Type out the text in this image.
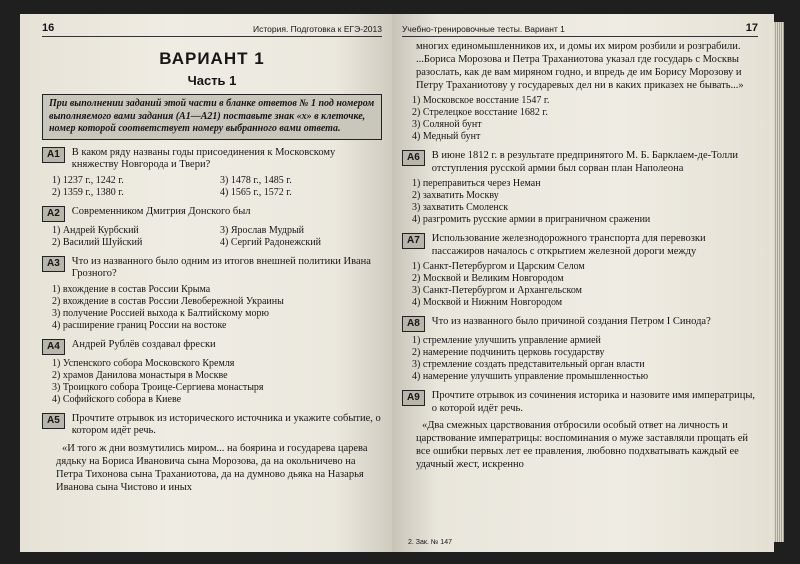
16	История. Подготовка к ЕГЭ-2013
ВАРИАНТ 1
Часть 1
При выполнении заданий этой части в бланке ответов № 1 под номером выполняемого вами задания (А1—А21) поставьте знак «х» в клеточке, номер которой соответствует номеру выбранного вами ответа.
А1	В каком ряду названы годы присоединения к Московскому княжеству Новгорода и Твери?
1) 1237 г., 1242 г.	3) 1478 г., 1485 г.
2) 1359 г., 1380 г.	4) 1565 г., 1572 г.
А2	Современником Дмитрия Донского был
1) Андрей Курбский	3) Ярослав Мудрый
2) Василий Шуйский	4) Сергий Радонежский
А3	Что из названного было одним из итогов внешней политики Ивана Грозного?
1) вхождение в состав России Крыма
2) вхождение в состав России Левобережной Украины
3) получение Россией выхода к Балтийскому морю
4) расширение границ России на востоке
А4	Андрей Рублёв создавал фрески
1) Успенского собора Московского Кремля
2) храмов Данилова монастыря в Москве
3) Троицкого собора Троице-Сергиева монастыря
4) Софийского собора в Киеве
А5	Прочтите отрывок из исторического источника и укажите событие, о котором идёт речь.
«И того ж дни возмутились миром... на боярина и государева царева дядьку на Бориса Ивановича сына Морозова, да на окольничево на Петра Тихонова сына Траханиотова, да на думново дьяка на Назарья Иванова сына Чистово и иных
Учебно-тренировочные тесты. Вариант 1	17
многих единомышленников их, и домы их миром розбили и розграбили. ...Бориса Морозова и Петра Траханиотова указал где государь с Москвы разослать, как де вам миряном годно, и впредь де им Борису Морозову и Петру Траханиотову у государевых дел ни в каких приказех не бывать...»
1) Московское восстание 1547 г.
2) Стрелецкое восстание 1682 г.
3) Соляной бунт
4) Медный бунт
А6	В июне 1812 г. в результате предпринятого М. Б. Барклаем-де-Толли отступления русской армии был сорван план Наполеона
1) переправиться через Неман
2) захватить Москву
3) захватить Смоленск
4) разгромить русские армии в приграничном сражении
А7	Использование железнодорожного транспорта для перевозки пассажиров началось с открытием железной дороги между
1) Санкт-Петербургом и Царским Селом
2) Москвой и Великим Новгородом
3) Санкт-Петербургом и Архангельском
4) Москвой и Нижним Новгородом
А8	Что из названного было причиной создания Петром I Синода?
1) стремление улучшить управление армией
2) намерение подчинить церковь государству
3) стремление создать представительный орган власти
4) намерение улучшить управление промышленностью
А9	Прочтите отрывок из сочинения историка и назовите имя императрицы, о которой идёт речь.
«Два смежных царствования отбросили особый ответ на личность и царствование императрицы: воспоминания о муже заставляли прощать ей все ошибки первых лет ее правления, любовно подхватывать каждый ее удачный жест, искренно
2. Зак. № 147
